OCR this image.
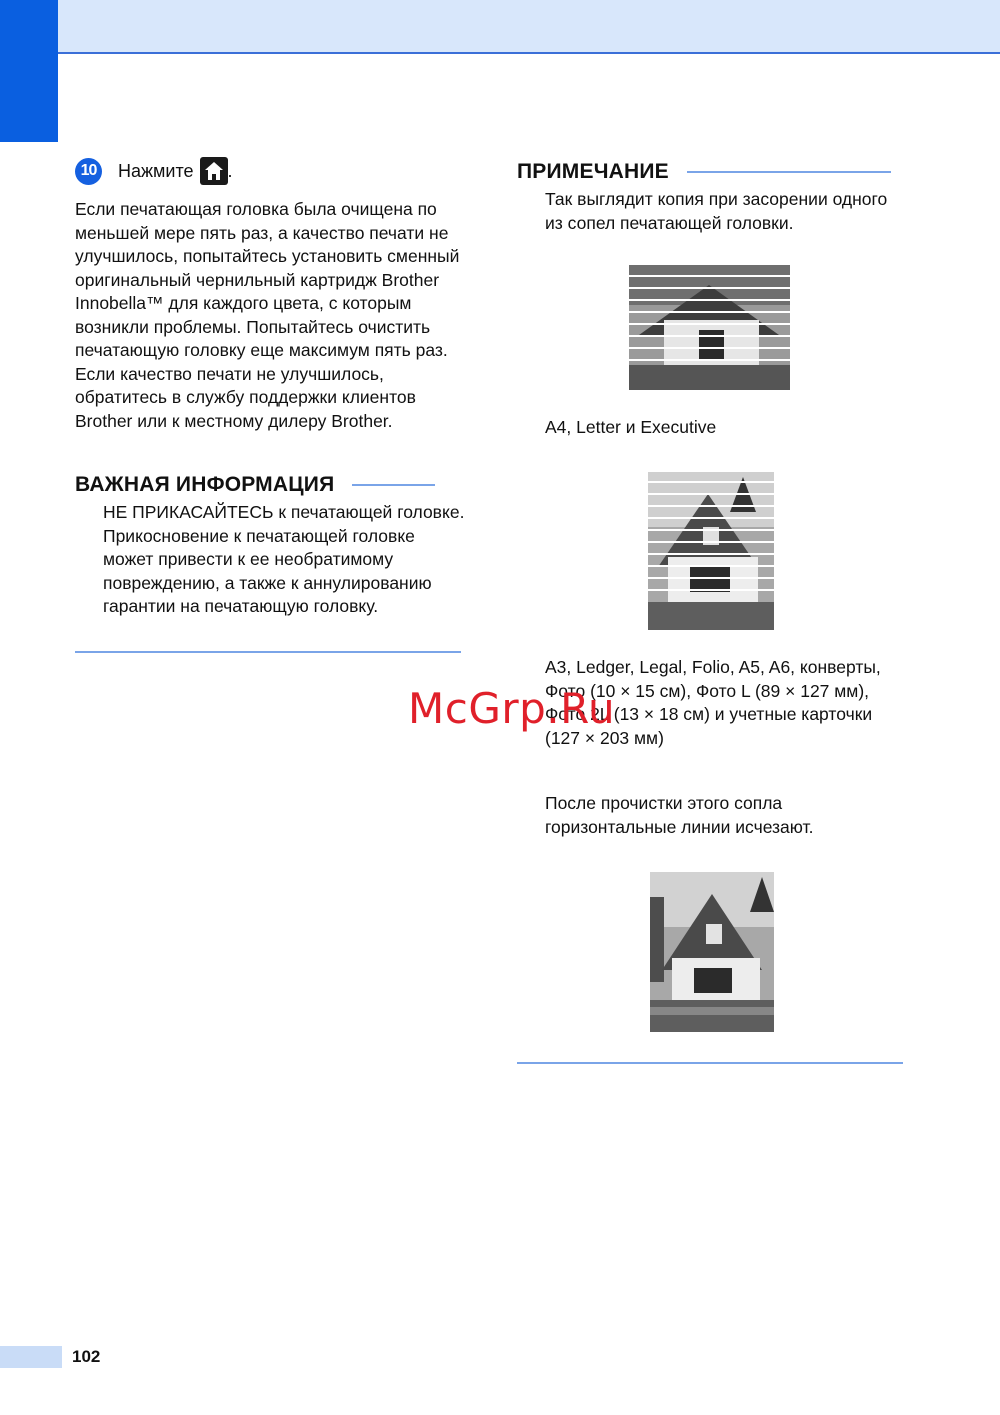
10	Нажмите .
Если печатающая головка была очищена по меньшей мере пять раз, а качество печати не улучшилось, попытайтесь установить сменный оригинальный чернильный картридж Brother Innobella™ для каждого цвета, с которым возникли проблемы. Попытайтесь очистить печатающую головку еще максимум пять раз. Если качество печати не улучшилось, обратитесь в службу поддержки клиентов Brother или к местному дилеру Brother.
ВАЖНАЯ ИНФОРМАЦИЯ
НЕ ПРИКАСАЙТЕСЬ к печатающей головке. Прикосновение к печатающей головке может привести к ее необратимому повреждению, а также к аннулированию гарантии на печатающую головку.
ПРИМЕЧАНИЕ
Так выглядит копия при засорении одного из сопел печатающей головки.
A4, Letter и Executive
A3, Ledger, Legal, Folio, A5, A6, конверты, Фото (10 × 15 см), Фото L (89 × 127 мм), Фото 2L (13 × 18 см) и учетные карточки (127 × 203 мм)
После прочистки этого сопла горизонтальные линии исчезают.
McGrp.Ru
102
